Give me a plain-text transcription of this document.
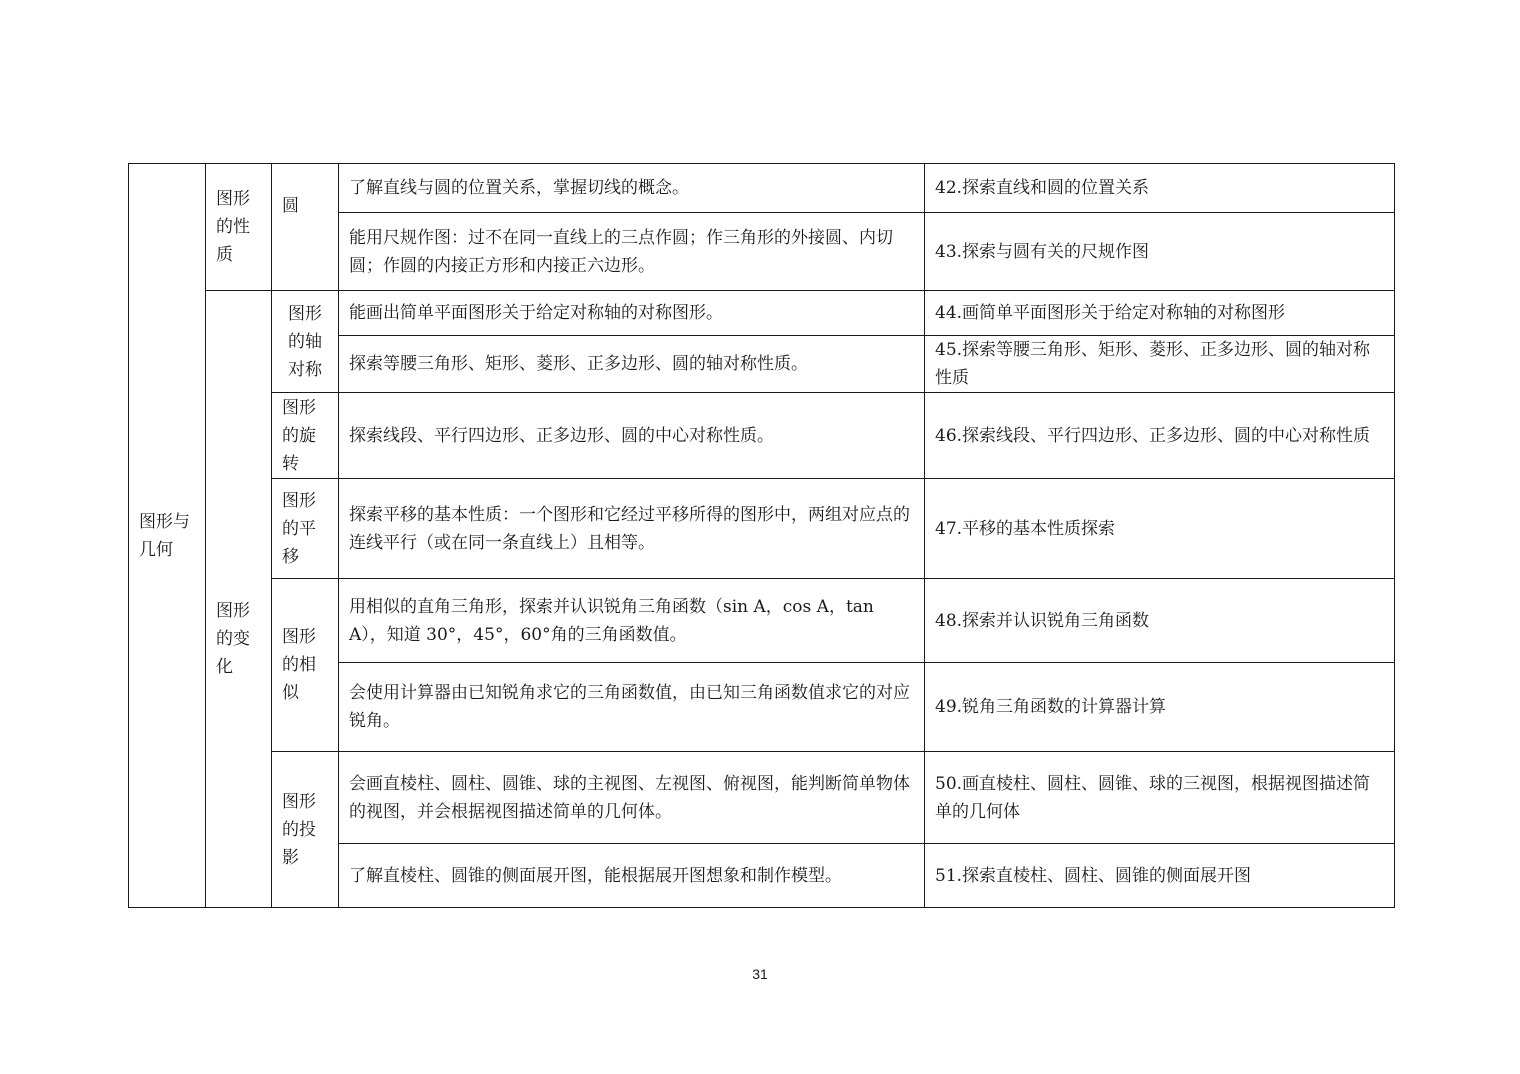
图形与几何	图形的性质	圆	了解直线与圆的位置关系，掌握切线的概念。	42.探索直线和圆的位置关系
			能用尺规作图：过不在同一直线上的三点作圆；作三角形的外接圆、内切圆；作圆的内接正方形和内接正六边形。	43.探索与圆有关的尺规作图
	图形的变化	图形的轴对称	能画出简单平面图形关于给定对称轴的对称图形。	44.画简单平面图形关于给定对称轴的对称图形
			探索等腰三角形、矩形、菱形、正多边形、圆的轴对称性质。	45.探索等腰三角形、矩形、菱形、正多边形、圆的轴对称性质
		图形的旋转	探索线段、平行四边形、正多边形、圆的中心对称性质。	46.探索线段、平行四边形、正多边形、圆的中心对称性质
		图形的平移	探索平移的基本性质：一个图形和它经过平移所得的图形中，两组对应点的连线平行（或在同一条直线上）且相等。	47.平移的基本性质探索
		图形的相似	用相似的直角三角形，探索并认识锐角三角函数（sin A，cos A，tan A），知道 30°，45°，60°角的三角函数值。	48.探索并认识锐角三角函数
			会使用计算器由已知锐角求它的三角函数值，由已知三角函数值求它的对应锐角。	49.锐角三角函数的计算器计算
		图形的投影	会画直棱柱、圆柱、圆锥、球的主视图、左视图、俯视图，能判断简单物体的视图，并会根据视图描述简单的几何体。	50.画直棱柱、圆柱、圆锥、球的三视图，根据视图描述简单的几何体
			了解直棱柱、圆锥的侧面展开图，能根据展开图想象和制作模型。	51.探索直棱柱、圆柱、圆锥的侧面展开图
31
